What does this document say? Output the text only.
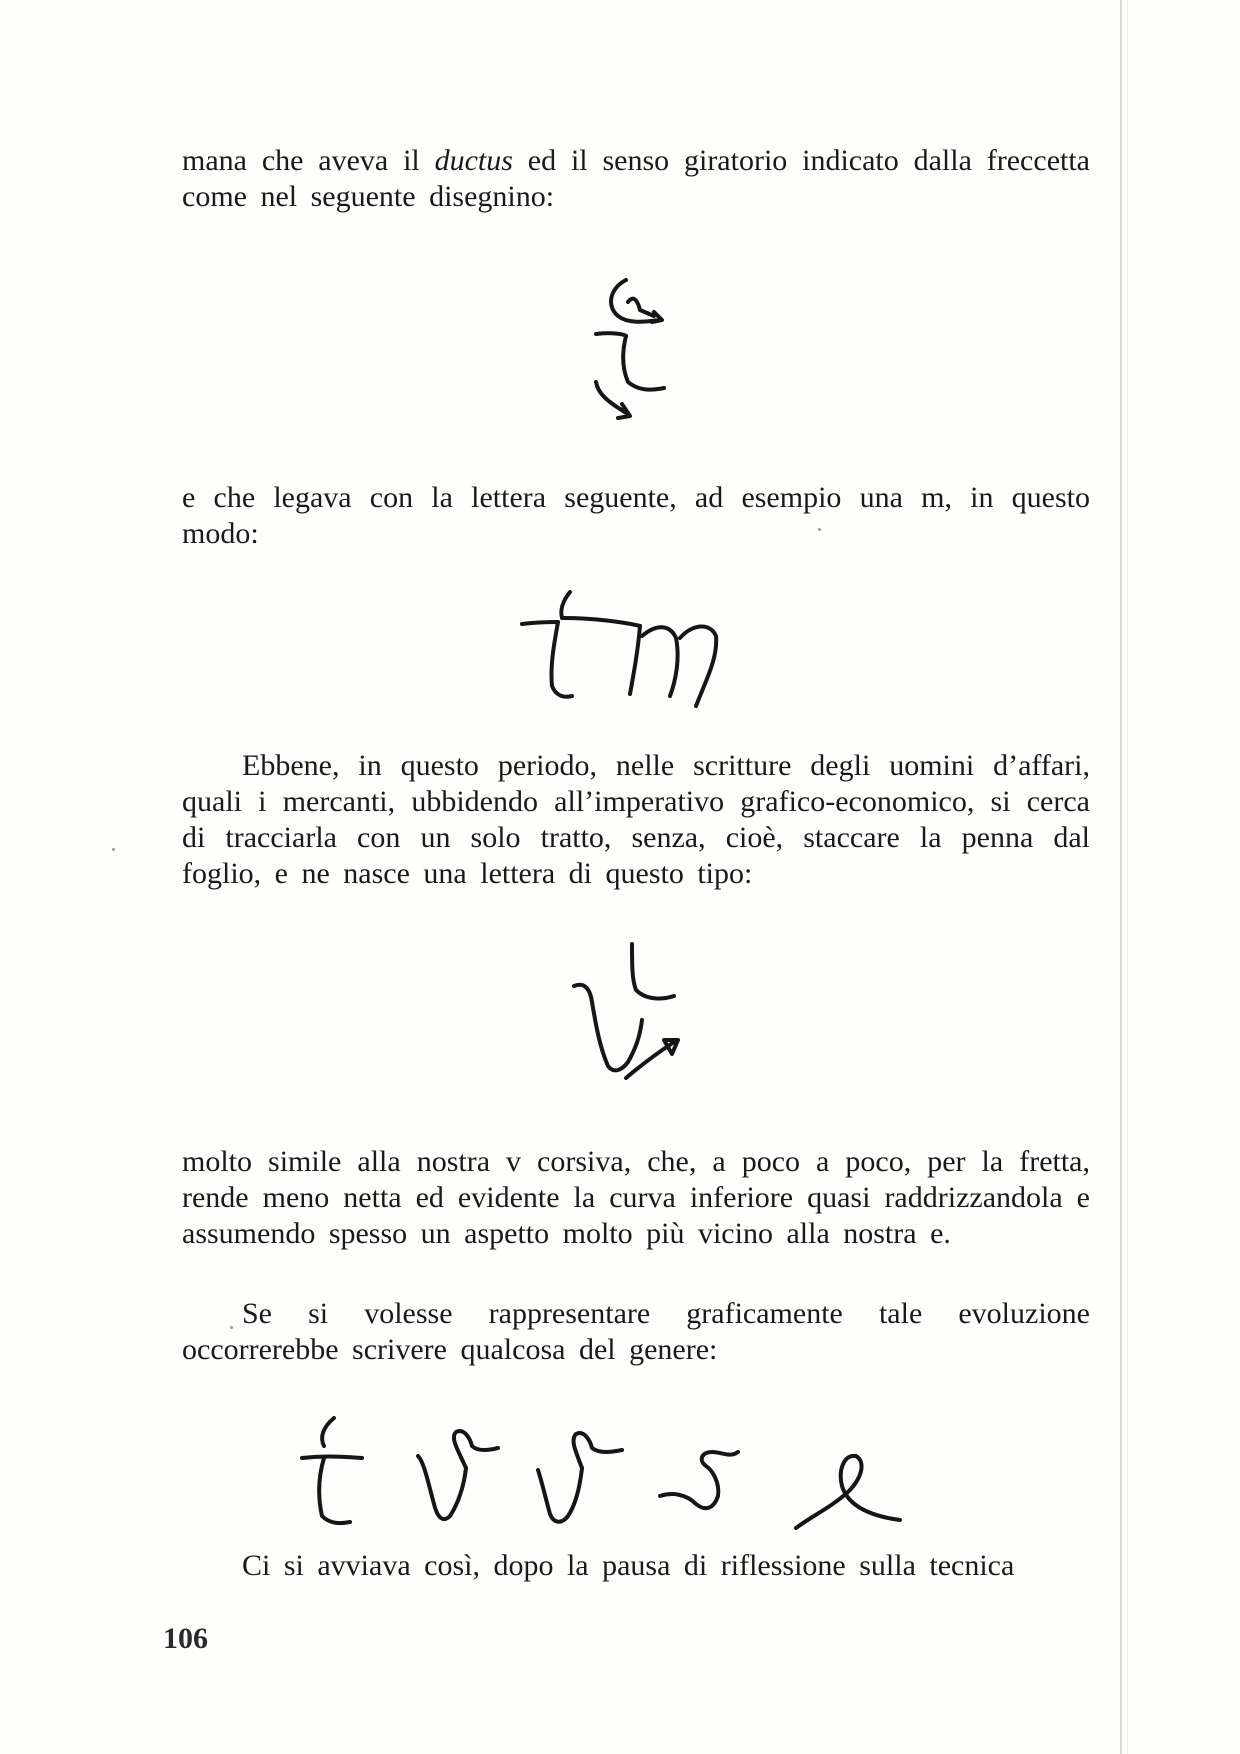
mana che aveva il ductus ed il senso giratorio indicato dalla freccetta come nel seguente disegnino:

e che legava con la lettera seguente, ad esempio una m, in questo modo:

Ebbene, in questo periodo, nelle scritture degli uomini d’affari, quali i mercanti, ubbidendo all’imperativo grafico-economico, si cerca di tracciarla con un solo tratto, senza, cioè, staccare la penna dal foglio, e ne nasce una lettera di questo tipo:

molto simile alla nostra v corsiva, che, a poco a poco, per la fretta, rende meno netta ed evidente la curva inferiore quasi raddrizzandola e assumendo spesso un aspetto molto più vicino alla nostra e.

Se si volesse rappresentare graficamente tale evoluzione occorrerebbe scrivere qualcosa del genere:

Ci si avviava così, dopo la pausa di riflessione sulla tecnica

106
